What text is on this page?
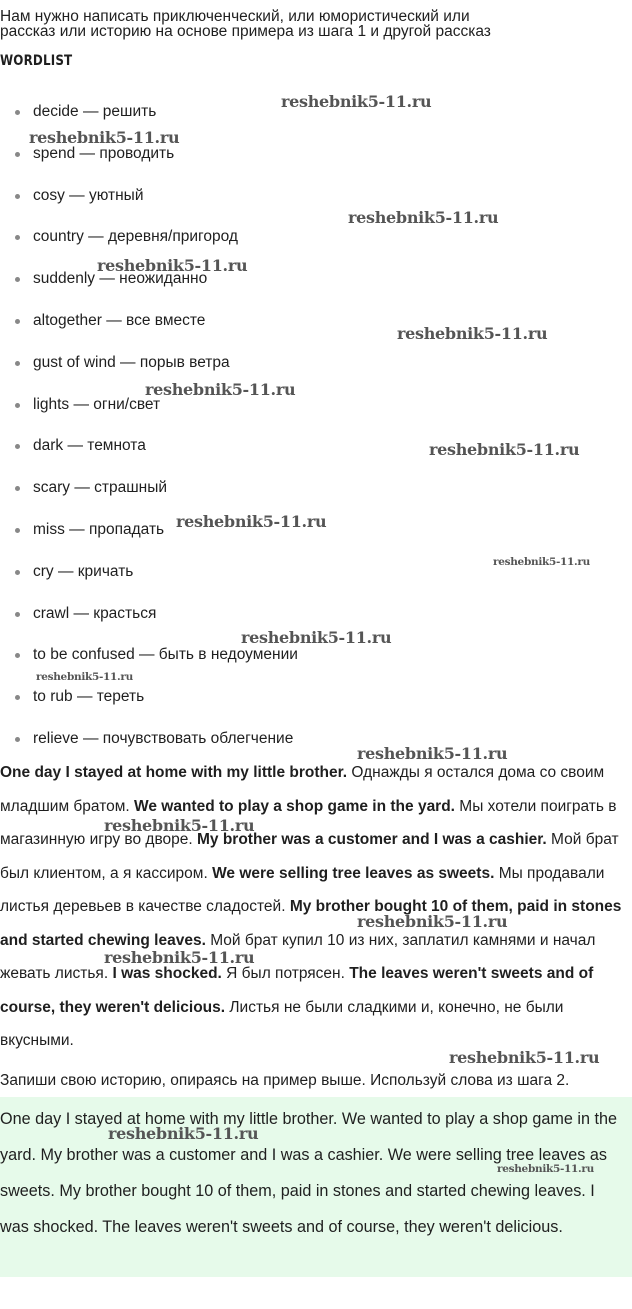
Нам нужно написать приключенческий, или юмористический или
рассказ или историю на основе примера из шага 1 и другой рассказ
WORDLIST
decide — решить
spend — проводить
cosy — уютный
country — деревня/пригород
suddenly — неожиданно
altogether — все вместе
gust of wind — порыв ветра
lights — огни/свет
dark — темнота
scary — страшный
miss — пропадать
cry — кричать
crawl — красться
to be confused — быть в недоумении
to rub — тереть
relieve — почувствовать облегчение
One day I stayed at home with my little brother. Однажды я остался дома со своим младшим братом. We wanted to play a shop game in the yard. Мы хотели поиграть в магазинную игру во дворе. My brother was a customer and I was a cashier. Мой брат был клиентом, а я кассиром. We were selling tree leaves as sweets. Мы продавали листья деревьев в качестве сладостей. My brother bought 10 of them, paid in stones and started chewing leaves. Мой брат купил 10 из них, заплатил камнями и начал жевать листья. I was shocked. Я был потрясен. The leaves weren't sweets and of course, they weren't delicious. Листья не были сладкими и, конечно, не были вкусными.
Запиши свою историю, опираясь на пример выше. Используй слова из шага 2.
One day I stayed at home with my little brother. We wanted to play a shop game in the yard. My brother was a customer and I was a cashier. We were selling tree leaves as sweets. My brother bought 10 of them, paid in stones and started chewing leaves. I was shocked. The leaves weren't sweets and of course, they weren't delicious.
reshebnik5-11.ru
reshebnik5-11.ru
reshebnik5-11.ru
reshebnik5-11.ru
reshebnik5-11.ru
reshebnik5-11.ru
reshebnik5-11.ru
reshebnik5-11.ru
reshebnik5-11.ru
reshebnik5-11.ru
reshebnik5-11.ru
reshebnik5-11.ru
reshebnik5-11.ru
reshebnik5-11.ru
reshebnik5-11.ru
reshebnik5-11.ru
reshebnik5-11.ru
reshebnik5-11.ru
